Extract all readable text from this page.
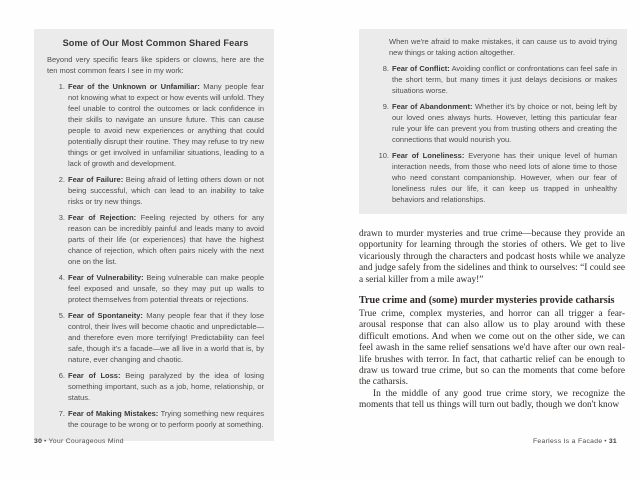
Some of Our Most Common Shared Fears
Beyond very specific fears like spiders or clowns, here are the ten most common fears I see in my work:
1. Fear of the Unknown or Unfamiliar: Many people fear not knowing what to expect or how events will unfold. They feel unable to control the outcomes or lack confidence in their skills to navigate an unsure future. This can cause people to avoid new experiences or anything that could potentially disrupt their routine. They may refuse to try new things or get involved in unfamiliar situations, leading to a lack of growth and development.
2. Fear of Failure: Being afraid of letting others down or not being successful, which can lead to an inability to take risks or try new things.
3. Fear of Rejection: Feeling rejected by others for any reason can be incredibly painful and leads many to avoid parts of their life (or experiences) that have the highest chance of rejection, which often pairs nicely with the next one on the list.
4. Fear of Vulnerability: Being vulnerable can make people feel exposed and unsafe, so they may put up walls to protect themselves from potential threats or rejections.
5. Fear of Spontaneity: Many people fear that if they lose control, their lives will become chaotic and unpredictable—and therefore even more terrifying! Predictability can feel safe, though it's a facade—we all live in a world that is, by nature, ever changing and chaotic.
6. Fear of Loss: Being paralyzed by the idea of losing something important, such as a job, home, relationship, or status.
7. Fear of Making Mistakes: Trying something new requires the courage to be wrong or to perform poorly at something.
When we're afraid to make mistakes, it can cause us to avoid trying new things or taking action altogether.
8. Fear of Conflict: Avoiding conflict or confrontations can feel safe in the short term, but many times it just delays decisions or makes situations worse.
9. Fear of Abandonment: Whether it's by choice or not, being left by our loved ones always hurts. However, letting this particular fear rule your life can prevent you from trusting others and creating the connections that would nourish you.
10. Fear of Loneliness: Everyone has their unique level of human interaction needs, from those who need lots of alone time to those who need constant companionship. However, when our fear of loneliness rules our life, it can keep us trapped in unhealthy behaviors and relationships.

drawn to murder mysteries and true crime—because they provide an opportunity for learning through the stories of others. We get to live vicariously through the characters and podcast hosts while we analyze and judge safely from the sidelines and think to ourselves: “I could see a serial killer from a mile away!”

True crime and (some) murder mysteries provide catharsis

True crime, complex mysteries, and horror can all trigger a fear-arousal response that can also allow us to play around with these difficult emotions. And when we come out on the other side, we can feel awash in the same relief sensations we'd have after our own real-life brushes with terror. In fact, that cathartic relief can be enough to draw us toward true crime, but so can the moments that come before the catharsis.

In the middle of any good true crime story, we recognize the moments that tell us things will turn out badly, though we don't know

30 • Your Courageous Mind	Fearless Is a Facade • 31
